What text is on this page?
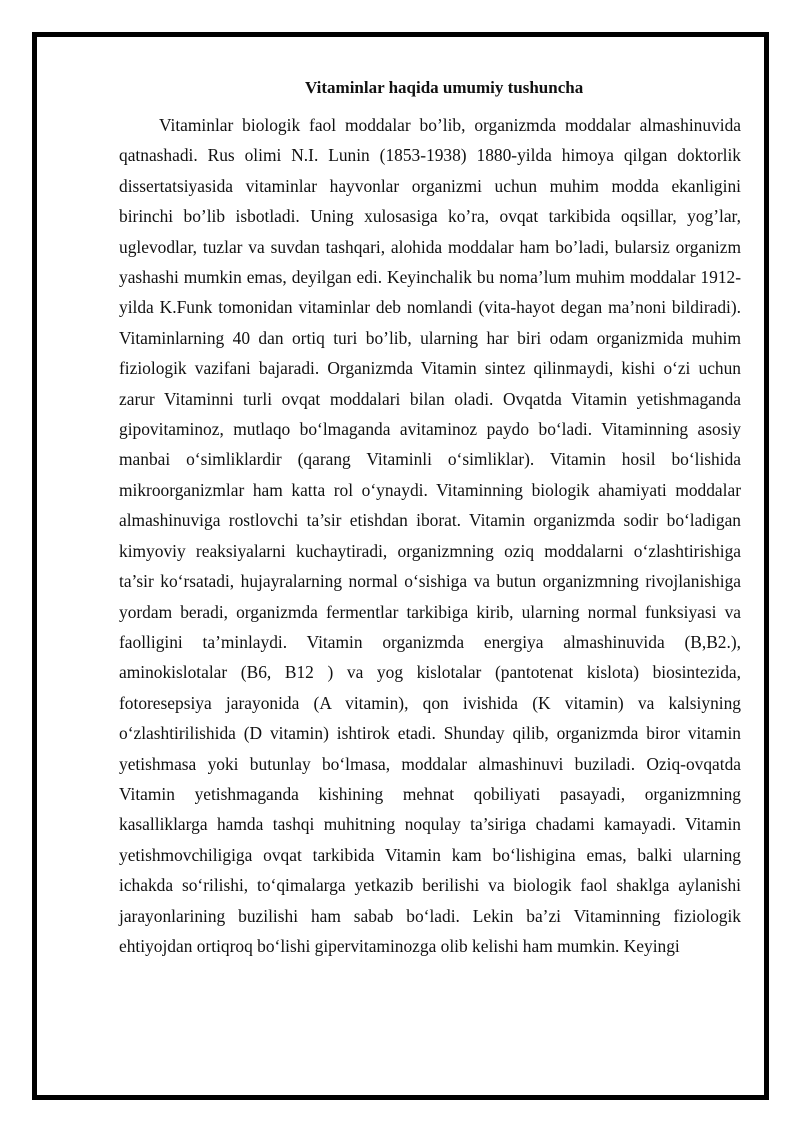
Vitaminlar haqida umumiy tushuncha

Vitaminlar biologik faol moddalar bo’lib, organizmda moddalar almashinuvida qatnashadi. Rus olimi N.I. Lunin (1853-1938) 1880-yilda himoya qilgan doktorlik dissertatsiyasida vitaminlar hayvonlar organizmi uchun muhim modda ekanligini birinchi bo’lib isbotladi. Uning xulosasiga ko’ra, ovqat tarkibida oqsillar, yog’lar, uglevodlar, tuzlar va suvdan tashqari, alohida moddalar ham bo’ladi, bularsiz organizm yashashi mumkin emas, deyilgan edi. Keyinchalik bu noma’lum muhim moddalar 1912-yilda K.Funk tomonidan vitaminlar deb nomlandi (vita-hayot degan ma’noni bildiradi). Vitaminlarning 40 dan ortiq turi bo’lib, ularning har biri odam organizmida muhim fiziologik vazifani bajaradi. Organizmda Vitamin sintez qilinmaydi, kishi o‘zi uchun zarur Vitaminni turli ovqat moddalari bilan oladi. Ovqatda Vitamin yetishmaganda gipovitaminoz, mutlaqo bo‘lmaganda avitaminoz paydo bo‘ladi. Vitaminning asosiy manbai o‘simliklardir (qarang Vitaminli o‘simliklar). Vitamin hosil bo‘lishida mikroorganizmlar ham katta rol o‘ynaydi. Vitaminning biologik ahamiyati moddalar almashinuviga rostlovchi ta’sir etishdan iborat. Vitamin organizmda sodir bo‘ladigan kimyoviy reaksiyalarni kuchaytiradi, organizmning oziq moddalarni o‘zlashtirishiga ta’sir ko‘rsatadi, hujayralarning normal o‘sishiga va butun organizmning rivojlanishiga yordam beradi, organizmda fermentlar tarkibiga kirib, ularning normal funksiyasi va faolligini ta’minlaydi. Vitamin organizmda energiya almashinuvida (B,B2.), aminokislotalar (B6, B12 ) va yog kislotalar (pantotenat kislota) biosintezida, fotoresepsiya jarayonida (A vitamin), qon ivishida (K vitamin) va kalsiyning o‘zlashtirilishida (D vitamin) ishtirok etadi. Shunday qilib, organizmda biror vitamin yetishmasa yoki butunlay bo‘lmasa, moddalar almashinuvi buziladi. Oziq-ovqatda Vitamin yetishmaganda kishining mehnat qobiliyati pasayadi, organizmning kasalliklarga hamda tashqi muhitning noqulay ta’siriga chadami kamayadi. Vitamin yetishmovchiligiga ovqat tarkibida Vitamin kam bo‘lishigina emas, balki ularning ichakda so‘rilishi, to‘qimalarga yetkazib berilishi va biologik faol shaklga aylanishi jarayonlarining buzilishi ham sabab bo‘ladi. Lekin ba’zi Vitaminning fiziologik ehtiyojdan ortiqroq bo‘lishi gipervitaminozga olib kelishi ham mumkin. Keyingi
